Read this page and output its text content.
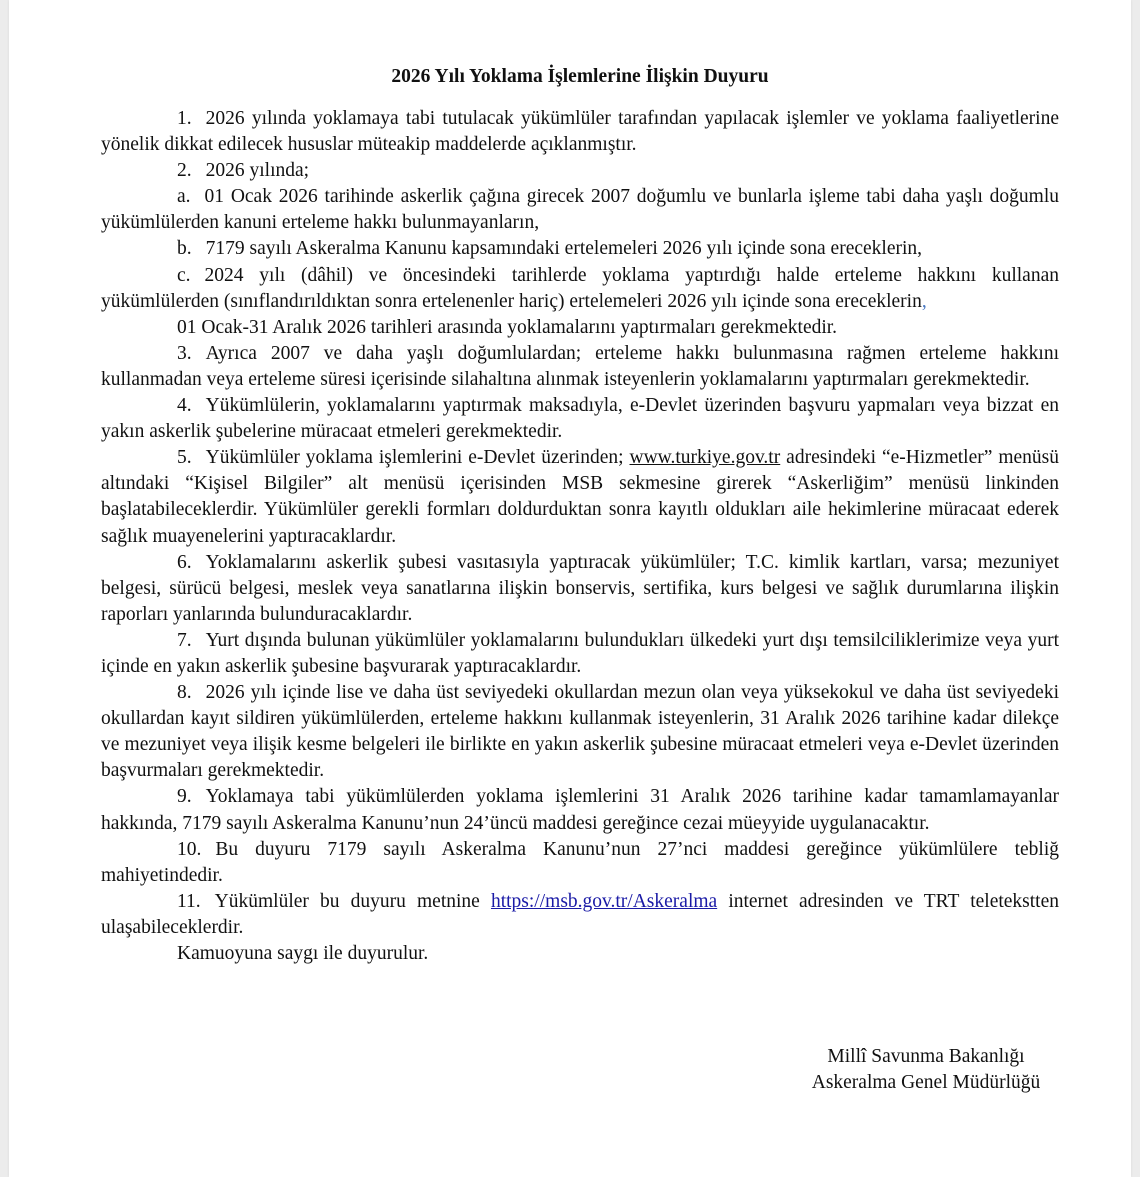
2026 Yılı Yoklama İşlemlerine İlişkin Duyuru

1. 2026 yılında yoklamaya tabi tutulacak yükümlüler tarafından yapılacak işlemler ve yoklama faaliyetlerine yönelik dikkat edilecek hususlar müteakip maddelerde açıklanmıştır.

2. 2026 yılında;

a. 01 Ocak 2026 tarihinde askerlik çağına girecek 2007 doğumlu ve bunlarla işleme tabi daha yaşlı doğumlu yükümlülerden kanuni erteleme hakkı bulunmayanların,

b. 7179 sayılı Askeralma Kanunu kapsamındaki ertelemeleri 2026 yılı içinde sona ereceklerin,

c. 2024 yılı (dâhil) ve öncesindeki tarihlerde yoklama yaptırdığı halde erteleme hakkını kullanan yükümlülerden (sınıflandırıldıktan sonra ertelenenler hariç) ertelemeleri 2026 yılı içinde sona ereceklerin,

01 Ocak-31 Aralık 2026 tarihleri arasında yoklamalarını yaptırmaları gerekmektedir.

3. Ayrıca 2007 ve daha yaşlı doğumlulardan; erteleme hakkı bulunmasına rağmen erteleme hakkını kullanmadan veya erteleme süresi içerisinde silahaltına alınmak isteyenlerin yoklamalarını yaptırmaları gerekmektedir.

4. Yükümlülerin, yoklamalarını yaptırmak maksadıyla, e-Devlet üzerinden başvuru yapmaları veya bizzat en yakın askerlik şubelerine müracaat etmeleri gerekmektedir.

5. Yükümlüler yoklama işlemlerini e-Devlet üzerinden; www.turkiye.gov.tr adresindeki “e-Hizmetler” menüsü altındaki “Kişisel Bilgiler” alt menüsü içerisinden MSB sekmesine girerek “Askerliğim” menüsü linkinden başlatabileceklerdir. Yükümlüler gerekli formları doldurduktan sonra kayıtlı oldukları aile hekimlerine müracaat ederek sağlık muayenelerini yaptıracaklardır.

6. Yoklamalarını askerlik şubesi vasıtasıyla yaptıracak yükümlüler; T.C. kimlik kartları, varsa; mezuniyet belgesi, sürücü belgesi, meslek veya sanatlarına ilişkin bonservis, sertifika, kurs belgesi ve sağlık durumlarına ilişkin raporları yanlarında bulunduracaklardır.

7. Yurt dışında bulunan yükümlüler yoklamalarını bulundukları ülkedeki yurt dışı temsilciliklerimize veya yurt içinde en yakın askerlik şubesine başvurarak yaptıracaklardır.

8. 2026 yılı içinde lise ve daha üst seviyedeki okullardan mezun olan veya yüksekokul ve daha üst seviyedeki okullardan kayıt sildiren yükümlülerden, erteleme hakkını kullanmak isteyenlerin, 31 Aralık 2026 tarihine kadar dilekçe ve mezuniyet veya ilişik kesme belgeleri ile birlikte en yakın askerlik şubesine müracaat etmeleri veya e-Devlet üzerinden başvurmaları gerekmektedir.

9. Yoklamaya tabi yükümlülerden yoklama işlemlerini 31 Aralık 2026 tarihine kadar tamamlamayanlar hakkında, 7179 sayılı Askeralma Kanunu’nun 24’üncü maddesi gereğince cezai müeyyide uygulanacaktır.

10. Bu duyuru 7179 sayılı Askeralma Kanunu’nun 27’nci maddesi gereğince yükümlülere tebliğ mahiyetindedir.

11. Yükümlüler bu duyuru metnine https://msb.gov.tr/Askeralma internet adresinden ve TRT teletekstten ulaşabileceklerdir.

Kamuoyuna saygı ile duyurulur.

Millî Savunma Bakanlığı
Askeralma Genel Müdürlüğü
